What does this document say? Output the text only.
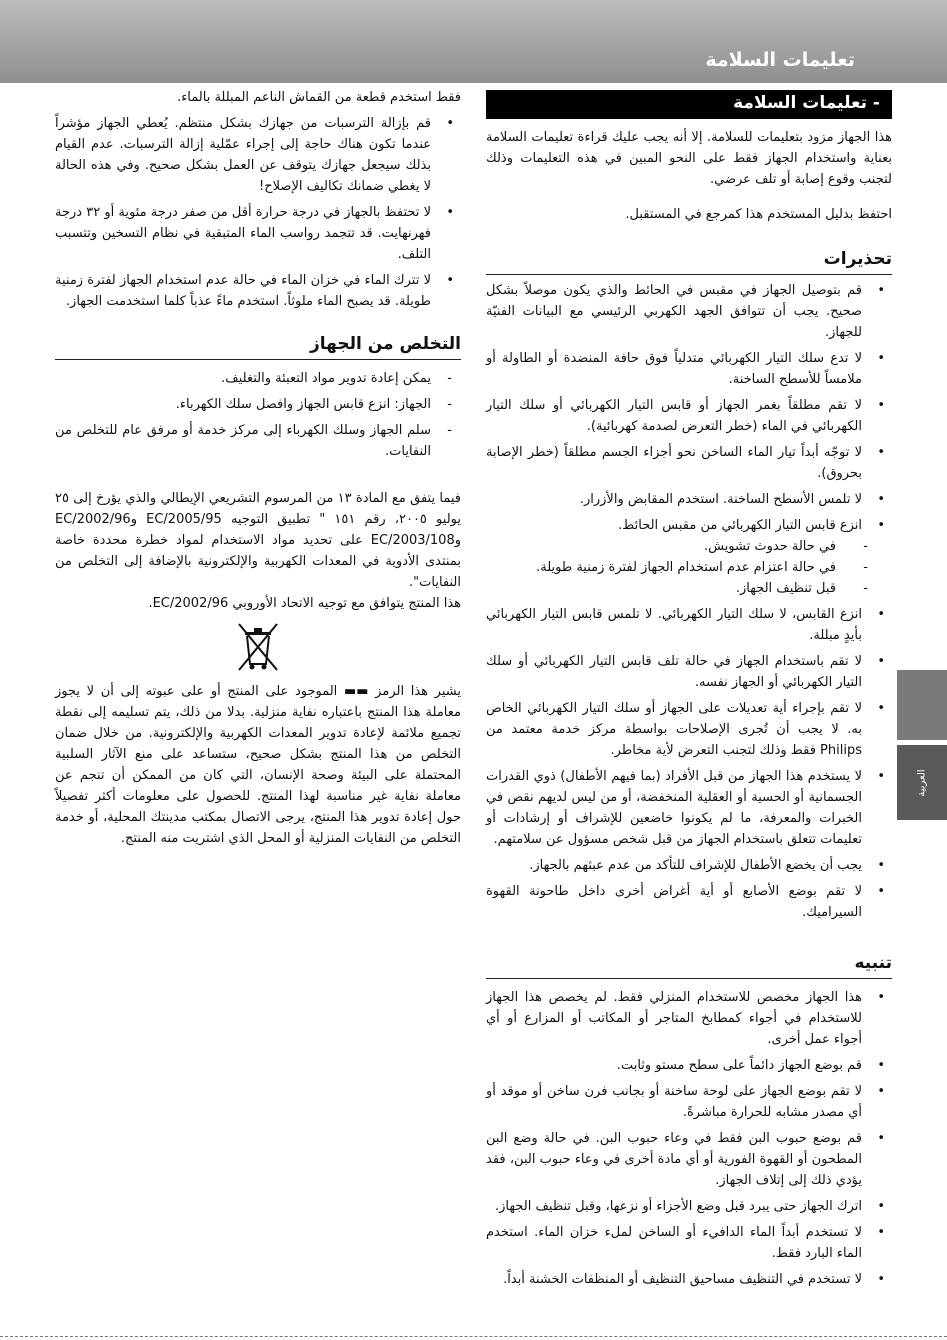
تعليمات السلامة
- تعليمات السلامة

هذا الجهاز مزود بتعليمات للسلامة. إلا أنه يجب عليك قراءة تعليمات السلامة بعناية واستخدام الجهاز فقط على النحو المبين في هذه التعليمات وذلك لتجنب وقوع إصابة أو تلف عرضي.

احتفظ بدليل المستخدم هذا كمرجع في المستقبل.

تحذيرات
• قم بتوصيل الجهاز في مقبس في الحائط والذي يكون موصلاً بشكل صحيح. يجب أن تتوافق الجهد الكهربي الرئيسي مع البيانات الفنيّة للجهاز.
• لا تدع سلك التيار الكهربائي متدلياً فوق حافة المنضدة أو الطاولة أو ملامساً للأسطح الساخنة.
• لا تقم مطلقاً بغمر الجهاز أو قابس التيار الكهربائي أو سلك التيار الكهربائي في الماء (خطر التعرض لصدمة كهربائية).
• لا توجّه أبداً تيار الماء الساخن نحو أجزاء الجسم مطلقاً (خطر الإصابة بحروق).
• لا تلمس الأسطح الساخنة. استخدم المقابض والأزرار.
• انزع قابس التيار الكهربائي من مقبس الحائط.
- في حالة حدوث تشويش.
- في حالة اعتزام عدم استخدام الجهاز لفترة زمنية طويلة.
- قبل تنظيف الجهاز.
• انزع القابس، لا سلك التيار الكهربائي. لا تلمس قابس التيار الكهربائي بأيدٍ مبللة.
• لا تقم باستخدام الجهاز في حالة تلف قابس التيار الكهربائي أو سلك التيار الكهربائي أو الجهاز نفسه.
• لا تقم بإجراء أية تعديلات على الجهاز أو سلك التيار الكهربائي الخاص به. لا يجب أن تُجرى الإصلاحات بواسطة مركز خدمة معتمد من Philips فقط وذلك لتجنب التعرض لأية مخاطر.
• لا يستخدم هذا الجهاز من قبل الأفراد (بما فيهم الأطفال) ذوي القدرات الجسمانية أو الحسية أو العقلية المنخفضة، أو من ليس لديهم نقص في الخبرات والمعرفة، ما لم يكونوا خاضعين للإشراف أو إرشادات أو تعليمات تتعلق باستخدام الجهاز من قبل شخص مسؤول عن سلامتهم.
• يجب أن يخضع الأطفال للإشراف للتأكد من عدم عبثهم بالجهاز.
• لا تقم بوضع الأصابع أو أية أغراض أخرى داخل طاحونة القهوة السيراميك.
تنبيه
• هذا الجهاز مخصص للاستخدام المنزلي فقط. لم يخصص هذا الجهاز للاستخدام في أجواء كمطابخ المتاجر أو المكاتب أو المزارع أو أي أجواء عمل أخرى.
• قم بوضع الجهاز دائماً على سطح مستو وثابت.
• لا تقم بوضع الجهاز على لوحة ساخنة أو بجانب فرن ساخن أو موقد أو أي مصدر مشابه للحرارة مباشرةً.
• قم بوضع حبوب البن فقط في وعاء حبوب البن. في حالة وضع البن المطحون أو القهوة الفورية أو أي مادة أخرى في وعاء حبوب البن، فقد يؤدي ذلك إلى إتلاف الجهاز.
• اترك الجهاز حتى يبرد قبل وضع الأجزاء أو نزعها، وقبل تنظيف الجهاز.
• لا تستخدم أبداً الماء الدافيء أو الساخن لملء خزان الماء. استخدم الماء البارد فقط.
• لا تستخدم في التنظيف مساحيق التنظيف أو المنظفات الخشنة أبداً.

فقط استخدم قطعة من القماش الناعم المبللة بالماء.

• قم بإزالة الترسبات من جهازك بشكل منتظم. يُعطي الجهاز مؤشراً عندما تكون هناك حاجة إلى إجراء عمّلية إزالة الترسبات. عدم القيام بذلك سيجعل جهازك يتوقف عن العمل بشكل صحيح. وفي هذه الحالة لا يغطي ضمانك تكاليف الإصلاح!
• لا تحتفظ بالجهاز في درجة حرارة أقل من صفر درجة مئوية أو ٣٢ درجة فهرنهايت. قد تتجمد رواسب الماء المتبقية في نظام التسخين وتتسبب التلف.
• لا تترك الماء في خزان الماء في حالة عدم استخدام الجهاز لفترة زمنية طويلة. قد يصبح الماء ملوثاً. استخدم ماءً عذباً كلما استخدمت الجهاز.
التخلص من الجهاز
- يمكن إعادة تدوير مواد التعبئة والتغليف.
- الجهاز: انزع قابس الجهاز وافصل سلك الكهرباء.
- سلم الجهاز وسلك الكهرباء إلى مركز خدمة أو مرفق عام للتخلص من النفايات.

فيما يتفق مع المادة ١٣ من المرسوم التشريعي الإيطالي والذي يؤرخ إلى ٢٥ يوليو ٢٠٠٥، رقم ١٥١ " تطبيق التوجيه 2005/95/EC و2002/96/EC و2003/108/EC على تحديد مواد الاستخدام لمواد خطرة محددة خاصة بمنتدى الأدوية في المعدات الكهربية والإلكترونية بالإضافة إلى التخلص من النفايات".

هذا المنتج يتوافق مع توجيه الاتحاد الأوروبي 2002/96/EC.

يشير هذا الرمز ▬▬ الموجود على المنتج أو على عبوته إلى أن لا يجوز معاملة هذا المنتج باعتباره نفاية منزلية. بدلا من ذلك، يتم تسليمه إلى نقطة تجميع ملائمة لإعادة تدوير المعدات الكهربية والإلكترونية. من خلال ضمان التخلص من هذا المنتج بشكل صحيح، ستساعد على منع الآثار السلبية المحتملة على البيئة وصحة الإنسان، التي كان من الممكن أن تنجم عن معاملة نفاية غير مناسبة لهذا المنتج. للحصول على معلومات أكثر تفصيلاً حول إعادة تدوير هذا المنتج، يرجى الاتصال بمكتب مدينتك المحلية، أو خدمة التخلص من النفايات المنزلية أو المحل الذي اشتريت منه المنتج.

العربية
